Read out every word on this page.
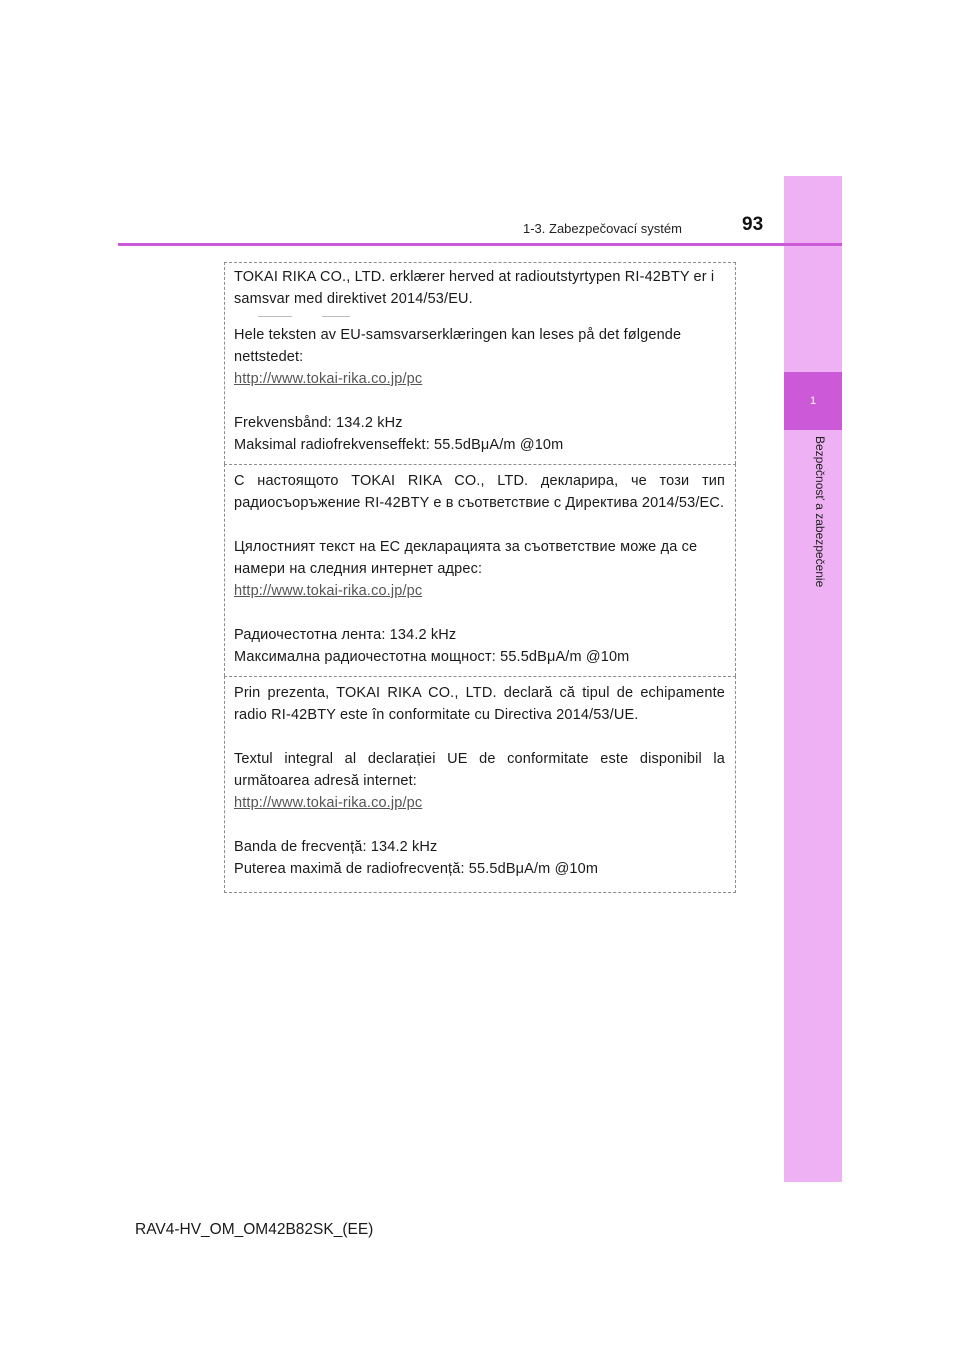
1
Bezpečnosť a zabezpečenie
1-3. Zabezpečovací systém	93

TOKAI RIKA CO., LTD. erklærer herved at radioutstyrtypen RI-42BTY er i samsvar med direktivet 2014/53/EU.

Hele teksten av EU-samsvarserklæringen kan leses på det følgende nettstedet:

http://www.tokai-rika.co.jp/pc

Frekvensbånd: 134.2 kHz

Maksimal radiofrekvenseffekt: 55.5dBμA/m @10m

С настоящото TOKAI RIKA CO., LTD. декларира, че този тип радиосъоръжение RI-42BTY е в съответствие с Директива 2014/53/ЕС.

Цялостният текст на ЕС декларацията за съответствие може да се намери на следния интернет адрес:

http://www.tokai-rika.co.jp/pc

Радиочестотна лента: 134.2 kHz

Максимална радиочестотна мощност: 55.5dBμA/m @10m

Prin prezenta, TOKAI RIKA CO., LTD. declară că tipul de echipamente radio RI-42BTY este în conformitate cu Directiva 2014/53/UE.

Textul integral al declarației UE de conformitate este disponibil la următoarea adresă internet:

http://www.tokai-rika.co.jp/pc

Banda de frecvență: 134.2 kHz

Puterea maximă de radiofrecvență: 55.5dBμA/m @10m

RAV4-HV_OM_OM42B82SK_(EE)
